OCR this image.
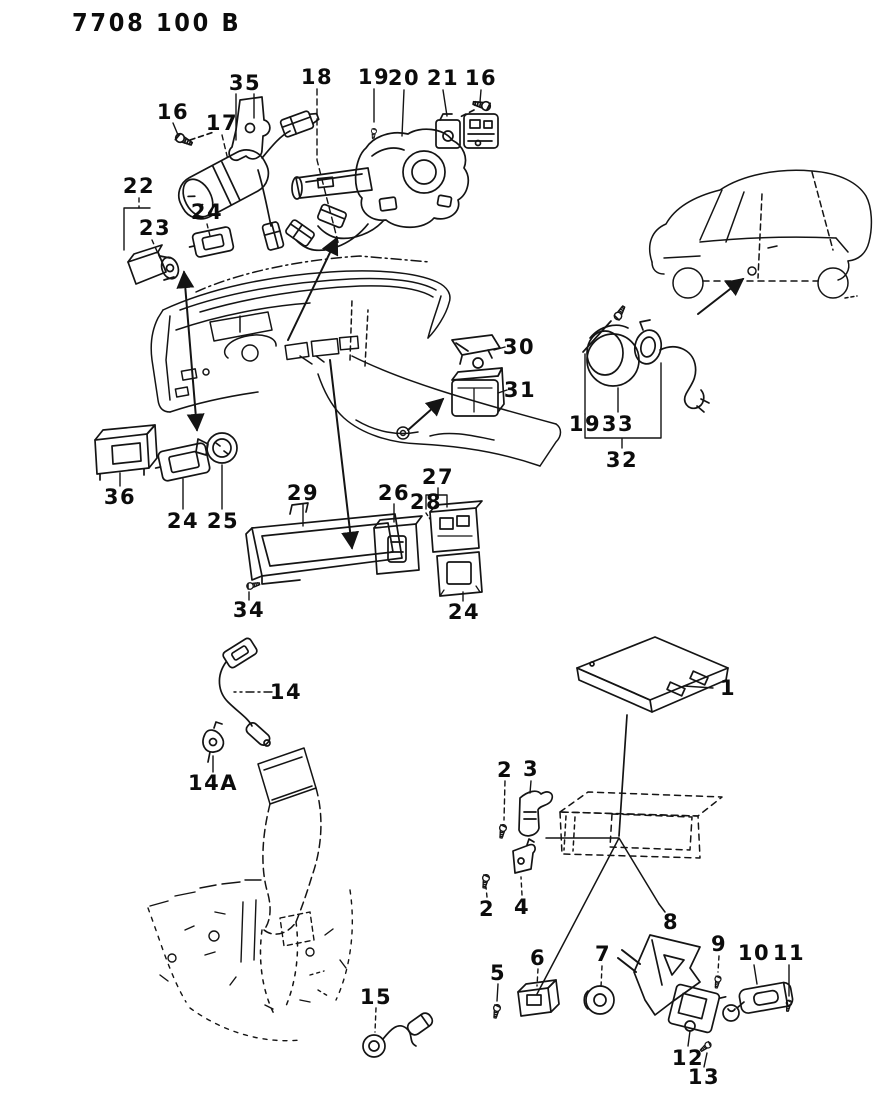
7708 100 B
16 17
35 18 19
20 21 16
22
23
24
30
31
19 33
32
36
24 25
29	26 28
27
34	24
14
14A
1
2 3
2 4
8
5
6 7	9 10 11
12
13
15
